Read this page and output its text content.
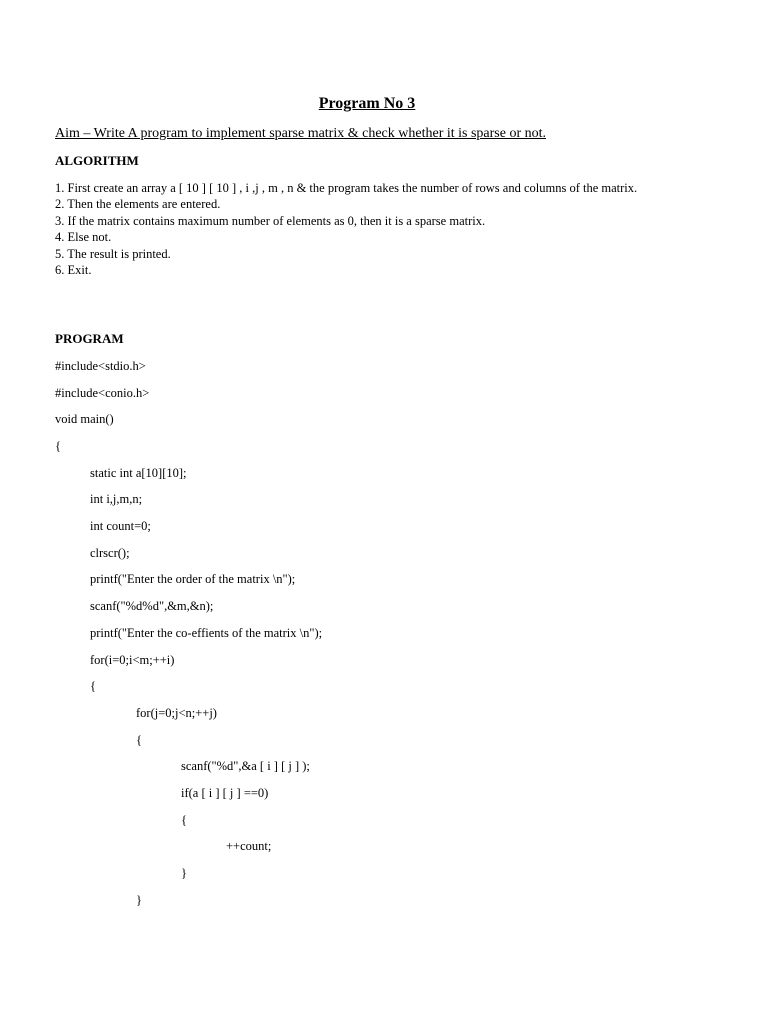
Program No 3
Aim – Write A program to implement sparse matrix & check whether it is sparse or not.
ALGORITHM
1. First create an array a [ 10 ] [ 10 ] , i ,j , m , n & the program takes the number of rows and columns of the matrix.
2. Then the elements are entered.
3. If the matrix contains maximum number of elements as 0, then it is a sparse matrix.
4. Else not.
5. The result is printed.
6. Exit.
PROGRAM
#include<stdio.h>
#include<conio.h>
void main()
{
static int a[10][10];
int i,j,m,n;
int count=0;
clrscr();
printf("Enter the order of the matrix \n");
scanf("%d%d",&m,&n);
printf("Enter the co-effients of the matrix \n");
for(i=0;i<m;++i)
{
for(j=0;j<n;++j)
{
scanf("%d",&a [ i ] [ j ] );
if(a [ i ] [ j ] ==0)
{
++count;
}
}
